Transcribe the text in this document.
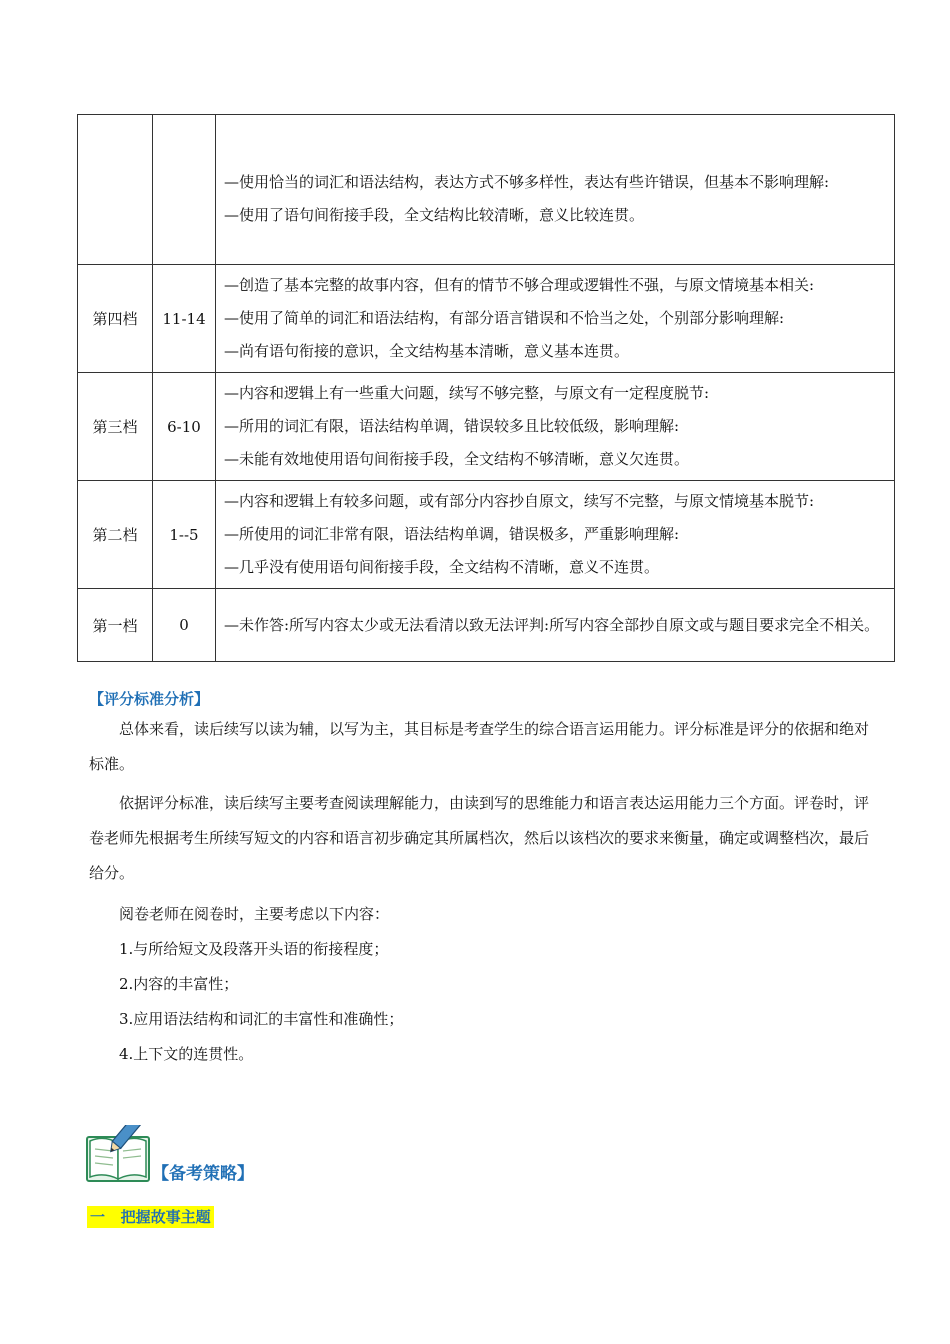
		—使用恰当的词汇和语法结构，表达方式不够多样性，表达有些许错误，但基本不影响理解:
—使用了语句间衔接手段，全文结构比较清晰，意义比较连贯。

第四档	11-14	—创造了基本完整的故事内容，但有的情节不够合理或逻辑性不强，与原文情境基本相关:
—使用了简单的词汇和语法结构，有部分语言错误和不恰当之处，个别部分影响理解:
—尚有语句衔接的意识，全文结构基本清晰，意义基本连贯。

第三档	6-10	—内容和逻辑上有一些重大问题，续写不够完整，与原文有一定程度脱节:
—所用的词汇有限，语法结构单调，错误较多且比较低级，影响理解:
—未能有效地使用语句间衔接手段，全文结构不够清晰，意义欠连贯。

第二档	1--5	—内容和逻辑上有较多问题，或有部分内容抄自原文，续写不完整，与原文情境基本脱节:
—所使用的词汇非常有限，语法结构单调，错误极多，严重影响理解:
—几乎没有使用语句间衔接手段，全文结构不清晰，意义不连贯。

第一档	0	—未作答:所写内容太少或无法看清以致无法评判:所写内容全部抄自原文或与题目要求完全不相关。
【评分标准分析】
总体来看，读后续写以读为辅，以写为主，其目标是考查学生的综合语言运用能力。评分标准是评分的依据和绝对标准。
依据评分标准，读后续写主要考查阅读理解能力，由读到写的思维能力和语言表达运用能力三个方面。评卷时，评卷老师先根据考生所续写短文的内容和语言初步确定其所属档次，然后以该档次的要求来衡量，确定或调整档次，最后给分。
阅卷老师在阅卷时，主要考虑以下内容：
1.与所给短文及段落开头语的衔接程度；
2.内容的丰富性；
3.应用语法结构和词汇的丰富性和准确性；
4.上下文的连贯性。
【备考策略】
一   把握故事主题
